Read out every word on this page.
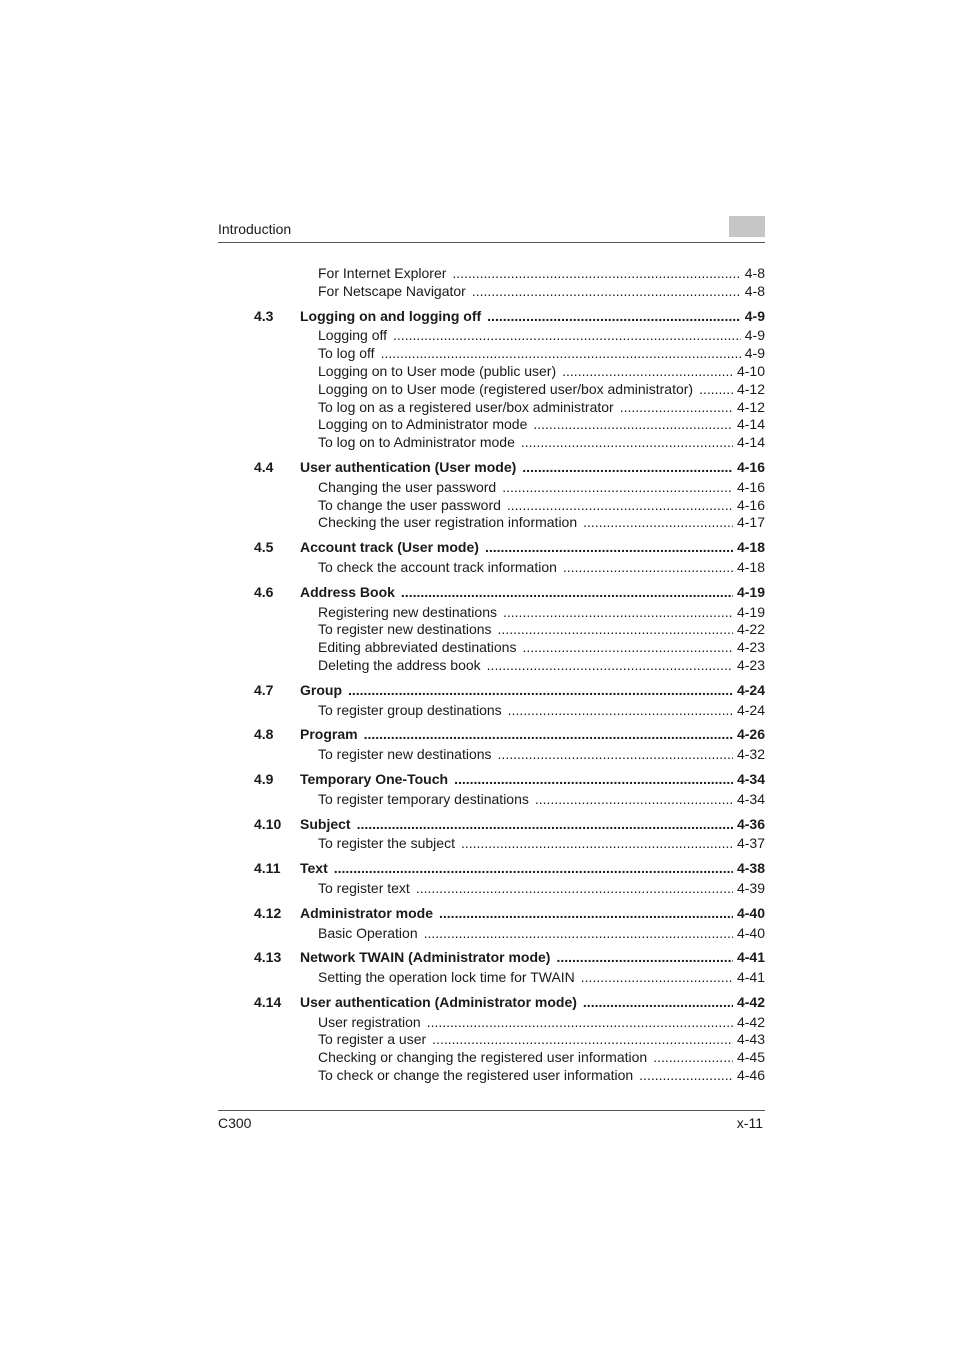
Introduction
For Internet Explorer .....	4-8
For Netscape Navigator .....	4-8
4.3 Logging on and logging off .....	4-9
Logging off .....	4-9
To log off .....	4-9
Logging on to User mode (public user) .....	4-10
Logging on to User mode (registered user/box administrator) .....	4-12
To log on as a registered user/box administrator .....	4-12
Logging on to Administrator mode .....	4-14
To log on to Administrator mode .....	4-14
4.4 User authentication (User mode) .....	4-16
Changing the user password .....	4-16
To change the user password .....	4-16
Checking the user registration information .....	4-17
4.5 Account track (User mode) .....	4-18
To check the account track information .....	4-18
4.6 Address Book .....	4-19
Registering new destinations .....	4-19
To register new destinations .....	4-22
Editing abbreviated destinations .....	4-23
Deleting the address book .....	4-23
4.7 Group .....	4-24
To register group destinations .....	4-24
4.8 Program .....	4-26
To register new destinations .....	4-32
4.9 Temporary One-Touch .....	4-34
To register temporary destinations .....	4-34
4.10 Subject .....	4-36
To register the subject .....	4-37
4.11 Text .....	4-38
To register text .....	4-39
4.12 Administrator mode .....	4-40
Basic Operation .....	4-40
4.13 Network TWAIN (Administrator mode) .....	4-41
Setting the operation lock time for TWAIN .....	4-41
4.14 User authentication (Administrator mode) .....	4-42
User registration .....	4-42
To register a user .....	4-43
Checking or changing the registered user information .....	4-45
To check or change the registered user information .....	4-46
C300	x-11
